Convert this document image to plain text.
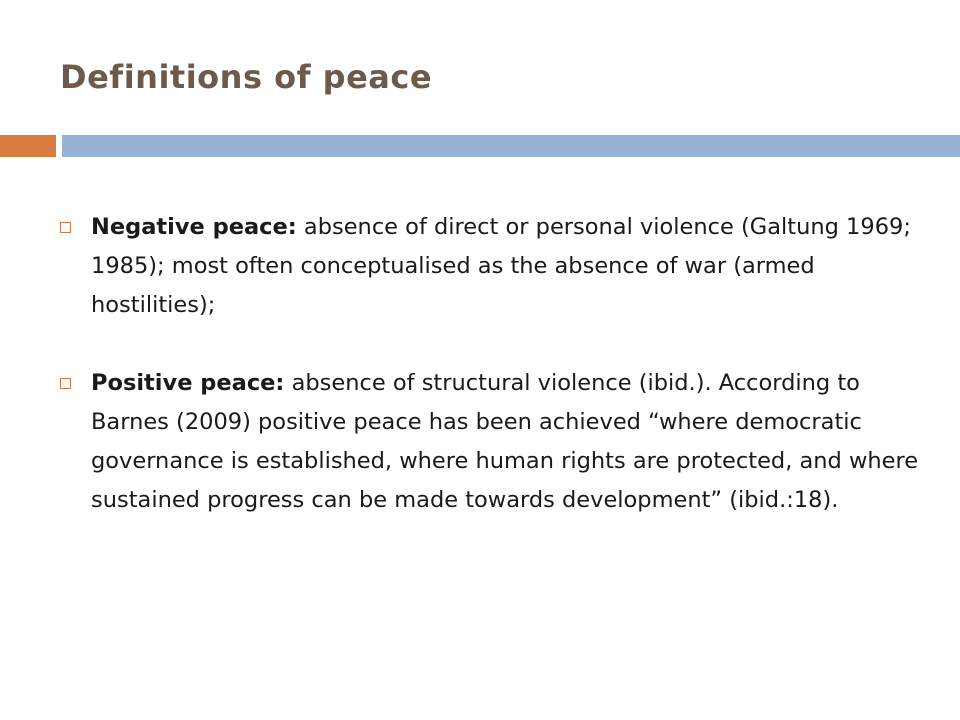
Definitions of peace
Negative peace: absence of direct or personal violence (Galtung 1969; 1985); most often conceptualised as the absence of war (armed hostilities);
Positive peace: absence of structural violence (ibid.). According to Barnes (2009) positive peace has been achieved “where democratic governance is established, where human rights are protected, and where sustained progress can be made towards development” (ibid.:18).
